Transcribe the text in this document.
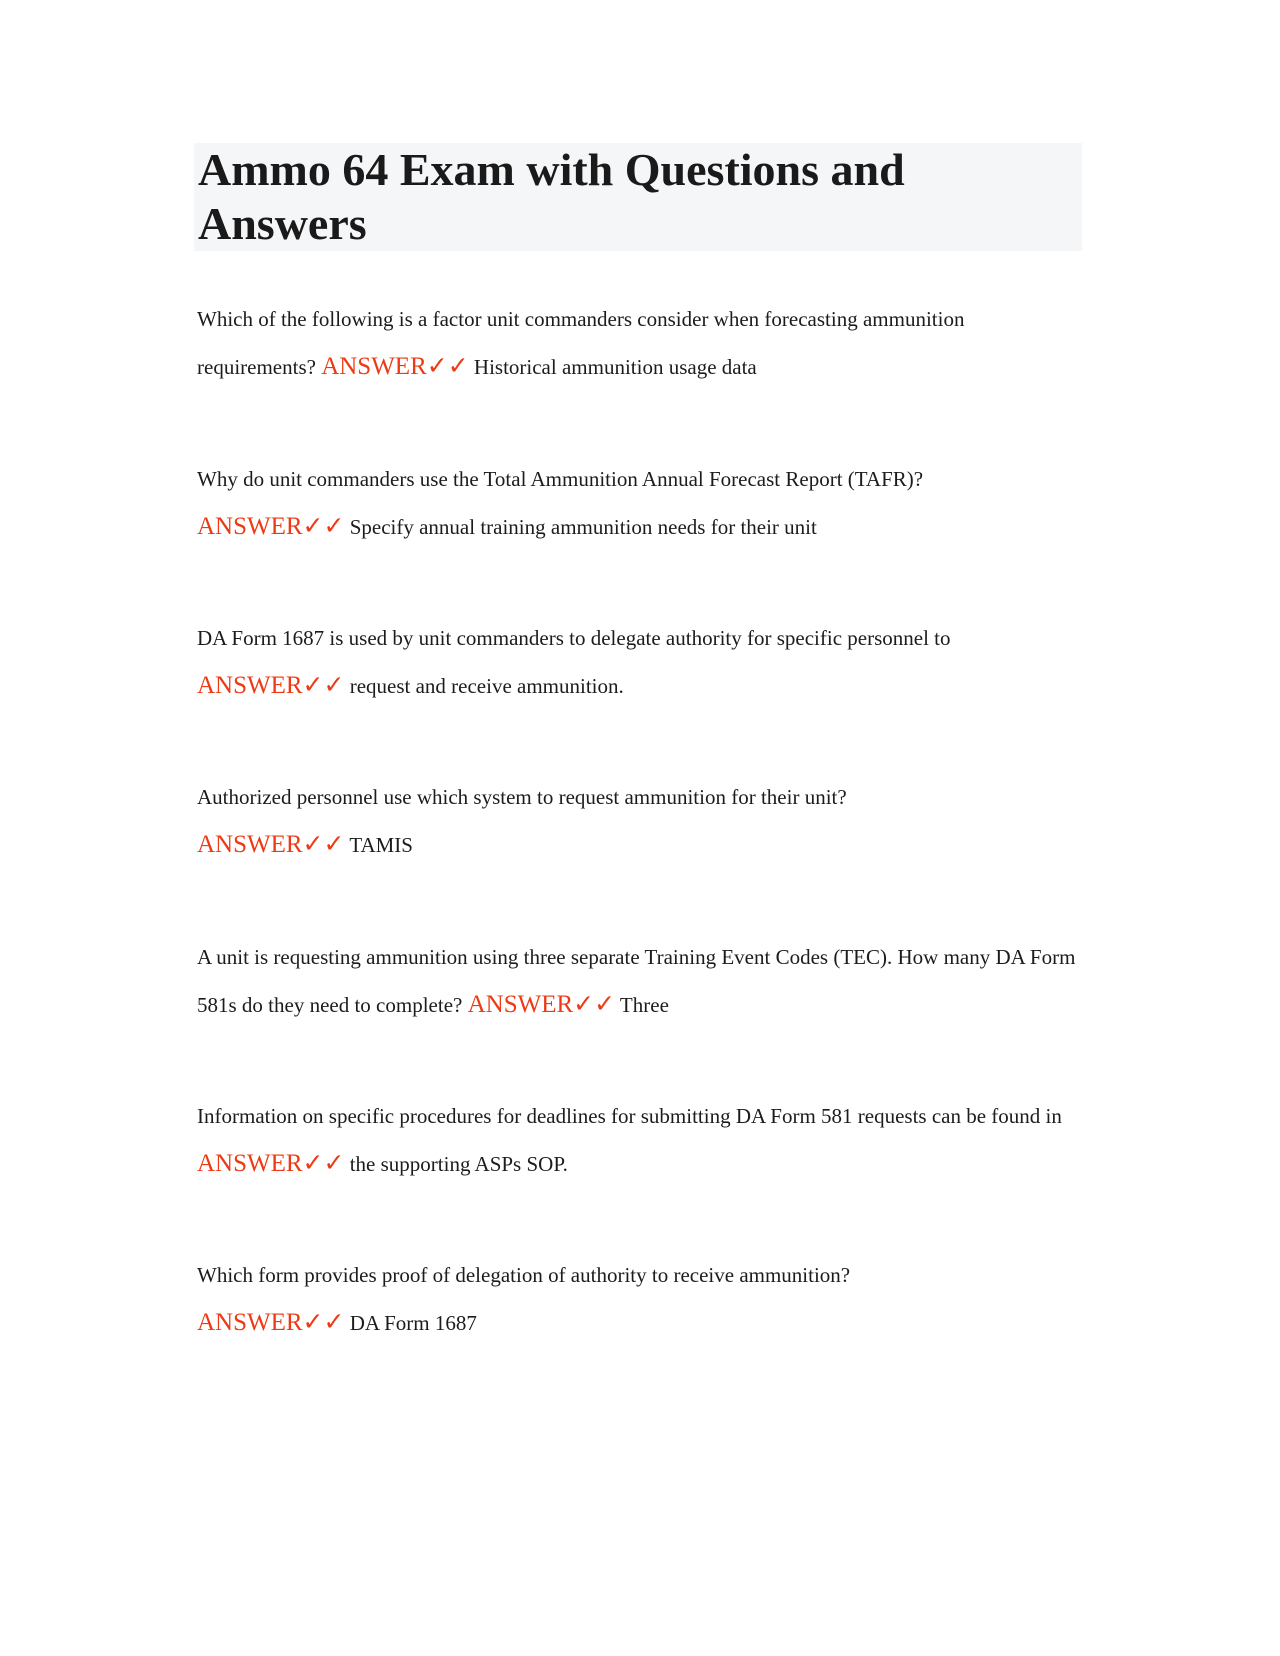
Ammo 64 Exam with Questions and Answers

Which of the following is a factor unit commanders consider when forecasting ammunition requirements? ANSWER✓✓ Historical ammunition usage data

Why do unit commanders use the Total Ammunition Annual Forecast Report (TAFR)?
ANSWER✓✓ Specify annual training ammunition needs for their unit

DA Form 1687 is used by unit commanders to delegate authority for specific personnel to
ANSWER✓✓ request and receive ammunition.

Authorized personnel use which system to request ammunition for their unit?
ANSWER✓✓ TAMIS

A unit is requesting ammunition using three separate Training Event Codes (TEC). How many DA Form 581s do they need to complete? ANSWER✓✓ Three

Information on specific procedures for deadlines for submitting DA Form 581 requests can be found in ANSWER✓✓ the supporting ASPs SOP.

Which form provides proof of delegation of authority to receive ammunition?
ANSWER✓✓ DA Form 1687
